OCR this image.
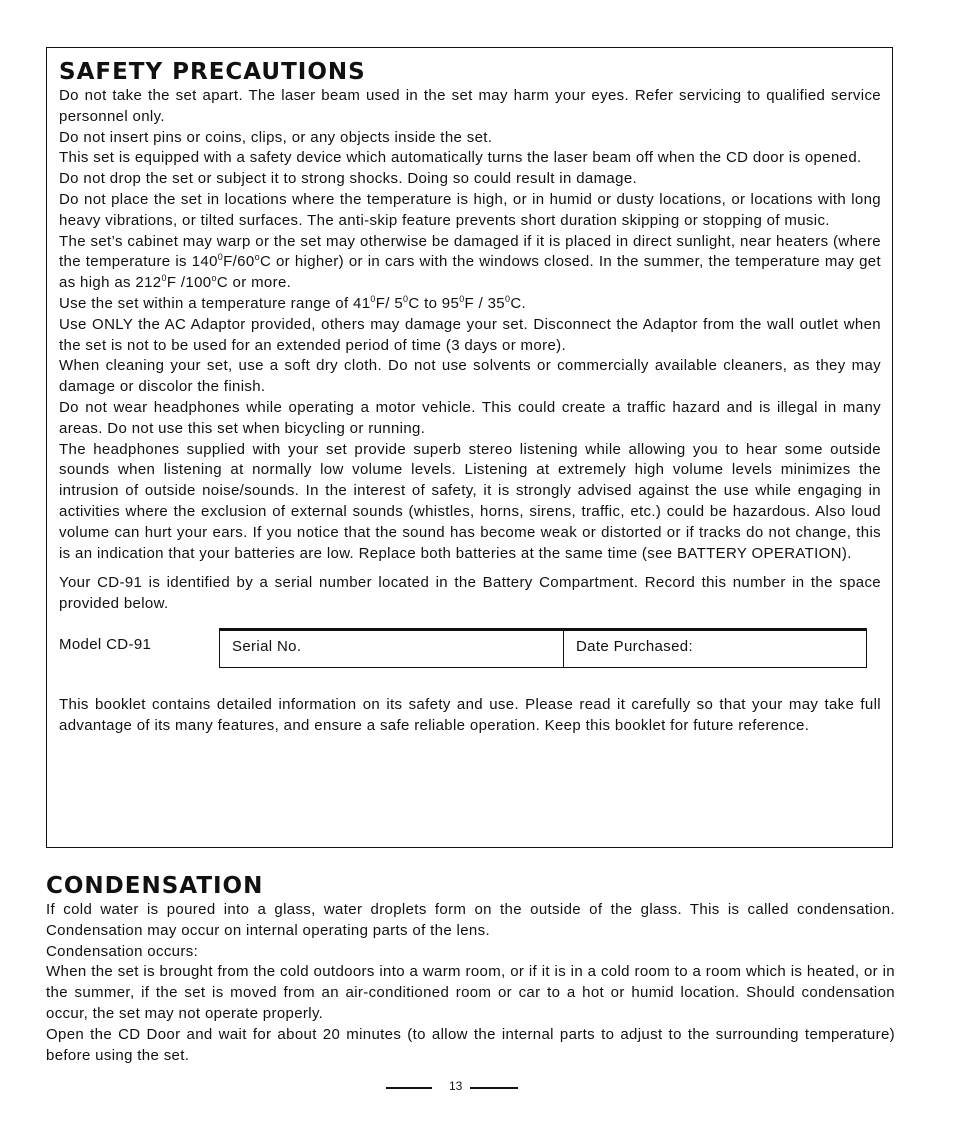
SAFETY PRECAUTIONS

Do not take the set apart. The laser beam used in the set may harm your eyes. Refer servicing to qualified service personnel only.

Do not insert pins or coins, clips, or any objects inside the set.

This set is equipped with a safety device which automatically turns the laser beam off when the CD door is opened.

Do not drop the set or subject it to strong shocks. Doing so could result in damage.

Do not place the set in locations where the temperature is high, or in humid or dusty locations, or locations with long heavy vibrations, or tilted surfaces. The anti-skip feature prevents short duration skipping or stopping of music.

The set’s cabinet may warp or the set may otherwise be damaged if it is placed in direct sunlight, near heaters (where the temperature is $140^0F/60^oC$ or higher) or in cars with the windows closed. In the summer, the temperature may get as high as $212^0F$ /100$^o$C or more.

Use the set within a temperature range of $41^0F/$ $5^0C$ to $95^0F / 35^0C$.

Use ONLY the AC Adaptor provided, others may damage your set. Disconnect the Adaptor from the wall outlet when the set is not to be used for an extended period of time (3 days or more).

When cleaning your set, use a soft dry cloth. Do not use solvents or commercially available cleaners, as they may damage or discolor the finish.

Do not wear headphones while operating a motor vehicle. This could create a traffic hazard and is illegal in many areas. Do not use this set when bicycling or running.

The headphones supplied with your set provide superb stereo listening while allowing you to hear some outside sounds when listening at normally low volume levels. Listening at extremely high volume levels minimizes the intrusion of outside noise/sounds. In the interest of safety, it is strongly advised against the use while engaging in activities where the exclusion of external sounds (whistles, horns, sirens, traffic, etc.) could be hazardous. Also loud volume can hurt your ears. If you notice that the sound has become weak or distorted or if tracks do not change, this is an indication that your batteries are low. Replace both batteries at the same time (see BATTERY OPERATION).

Your CD-91 is identified by a serial number located in the Battery Compartment. Record this number in the space provided below.

Model CD-91	Serial No.	Date Purchased:

This booklet contains detailed information on its safety and use. Please read it carefully so that your may take full advantage of its many features, and ensure a safe reliable operation. Keep this booklet for future reference.

CONDENSATION

If cold water is poured into a glass, water droplets form on the outside of the glass. This is called condensation. Condensation may occur on internal operating parts of the lens.

Condensation occurs:

When the set is brought from the cold outdoors into a warm room, or if it is in a cold room to a room which is heated, or in the summer, if the set is moved from an air-conditioned room or car to a hot or humid location. Should condensation occur, the set may not operate properly.

Open the CD Door and wait for about 20 minutes (to allow the internal parts to adjust to the surrounding temperature) before using the set.

13
